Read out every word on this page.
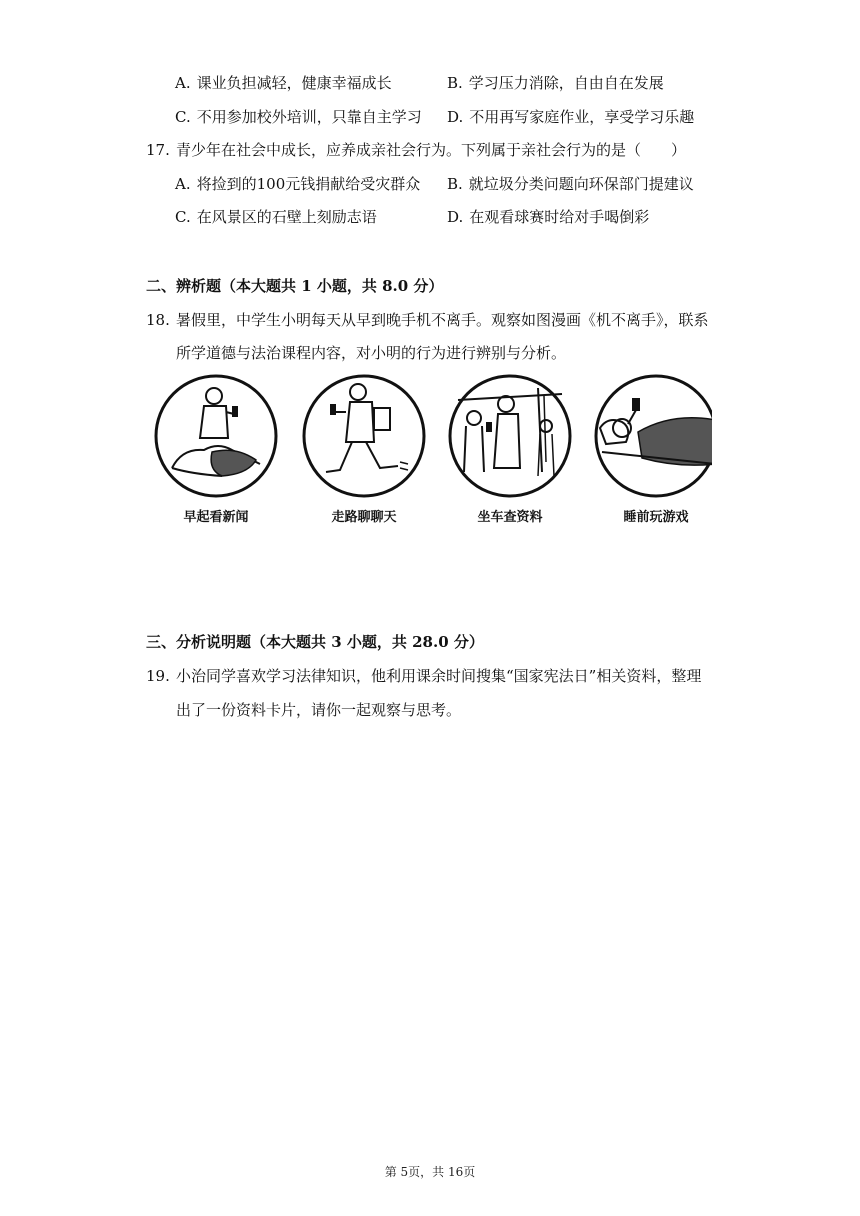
A. 课业负担减轻，健康幸福成长	B. 学习压力消除，自由自在发展
C. 不用参加校外培训，只靠自主学习 D. 不用再写家庭作业，享受学习乐趣
17. 青少年在社会中成长，应养成亲社会行为。下列属于亲社会行为的是（　　）
A. 将捡到的100元钱捐献给受灾群众 B. 就垃圾分类问题向环保部门提建议
C. 在风景区的石壁上刻励志语	D. 在观看球赛时给对手喝倒彩
二、辨析题（本大题共 1 小题，共 8.0 分）
18. 暑假里，中学生小明每天从早到晚手机不离手。观察如图漫画《机不离手》，联系
所学道德与法治课程内容，对小明的行为进行辨别与分析。
早起看新闻	走路聊聊天	坐车查资料	睡前玩游戏
三、分析说明题（本大题共 3 小题，共 28.0 分）
19. 小治同学喜欢学习法律知识，他利用课余时间搜集“国家宪法日”相关资料，整理
出了一份资料卡片，请你一起观察与思考。
第 5页，共 16页
